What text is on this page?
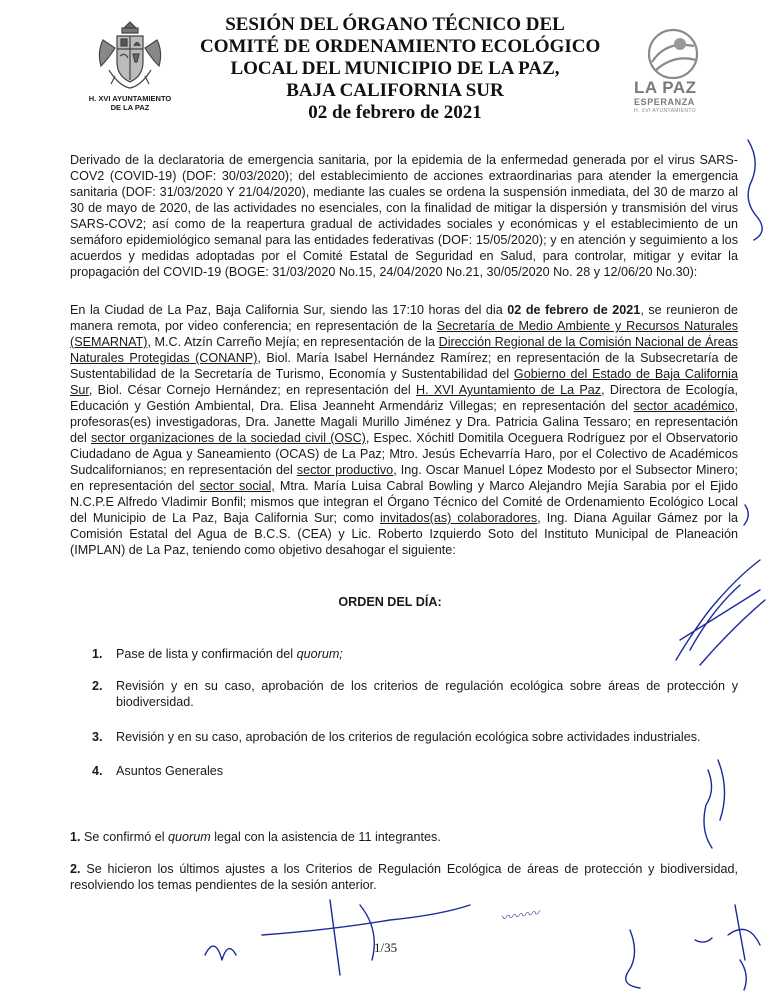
H. XVI AYUNTAMIENTO
DE LA PAZ
SESIÓN DEL ÓRGANO TÉCNICO DEL
COMITÉ DE ORDENAMIENTO ECOLÓGICO
LOCAL DEL MUNICIPIO DE LA PAZ,
BAJA CALIFORNIA SUR
02 de febrero de 2021
LA PAZ
ESPERANZA
H. XVI AYUNTAMIENTO
Derivado de la declaratoria de emergencia sanitaria, por la epidemia de la enfermedad generada por el virus SARS-COV2 (COVID-19) (DOF: 30/03/2020); del establecimiento de acciones extraordinarias para atender la emergencia sanitaria (DOF: 31/03/2020 Y 21/04/2020), mediante las cuales se ordena la suspensión inmediata, del 30 de marzo al 30 de mayo de 2020, de las actividades no esenciales, con la finalidad de mitigar la dispersión y transmisión del virus SARS-COV2; así como de la reapertura gradual de actividades sociales y económicas y el establecimiento de un semáforo epidemiológico semanal para las entidades federativas (DOF: 15/05/2020); y en atención y seguimiento a los acuerdos y medidas adoptadas por el Comité Estatal de Seguridad en Salud, para controlar, mitigar y evitar la propagación del COVID-19 (BOGE: 31/03/2020 No.15, 24/04/2020 No.21, 30/05/2020 No. 28 y 12/06/20 No.30):
En la Ciudad de La Paz, Baja California Sur, siendo las 17:10 horas del dia 02 de febrero de 2021, se reunieron de manera remota, por video conferencia; en representación de la Secretaría de Medio Ambiente y Recursos Naturales (SEMARNAT), M.C. Atzín Carreño Mejía; en representación de la Dirección Regional de la Comisión Nacional de Áreas Naturales Protegidas (CONANP), Biol. María Isabel Hernández Ramírez; en representación de la Subsecretaría de Sustentabilidad de la Secretaría de Turismo, Economía y Sustentabilidad del Gobierno del Estado de Baja California Sur, Biol. César Cornejo Hernández; en representación del H. XVI Ayuntamiento de La Paz, Directora de Ecología, Educación y Gestión Ambiental, Dra. Elisa Jeanneht Armendáriz Villegas; en representación del sector académico, profesoras(es) investigadoras, Dra. Janette Magali Murillo Jiménez y Dra. Patricia Galina Tessaro; en representación del sector organizaciones de la sociedad civil (OSC), Espec. Xóchitl Domitila Oceguera Rodríguez por el Observatorio Ciudadano de Agua y Saneamiento (OCAS) de La Paz; Mtro. Jesús Echevarría Haro, por el Colectivo de Académicos Sudcalifornianos; en representación del sector productivo, Ing. Oscar Manuel López Modesto por el Subsector Minero; en representación del sector social, Mtra. María Luisa Cabral Bowling y Marco Alejandro Mejía Sarabia por el Ejido N.C.P.E Alfredo Vladimir Bonfil; mismos que integran el Órgano Técnico del Comité de Ordenamiento Ecológico Local del Municipio de La Paz, Baja California Sur; como invitados(as) colaboradores, Ing. Diana Aguilar Gámez por la Comisión Estatal del Agua de B.C.S. (CEA) y Lic. Roberto Izquierdo Soto del Instituto Municipal de Planeación (IMPLAN) de La Paz, teniendo como objetivo desahogar el siguiente:
ORDEN DEL DÍA:
1.	Pase de lista y confirmación del quorum;
2.	Revisión y en su caso, aprobación de los criterios de regulación ecológica sobre áreas de protección y biodiversidad.
3.	Revisión y en su caso, aprobación de los criterios de regulación ecológica sobre actividades industriales.
4.	Asuntos Generales
1. Se confirmó el quorum legal con la asistencia de 11 integrantes.
2. Se hicieron los últimos ajustes a los Criterios de Regulación Ecológica de áreas de protección y biodiversidad, resolviendo los temas pendientes de la sesión anterior.
1/35
〰〰〰
